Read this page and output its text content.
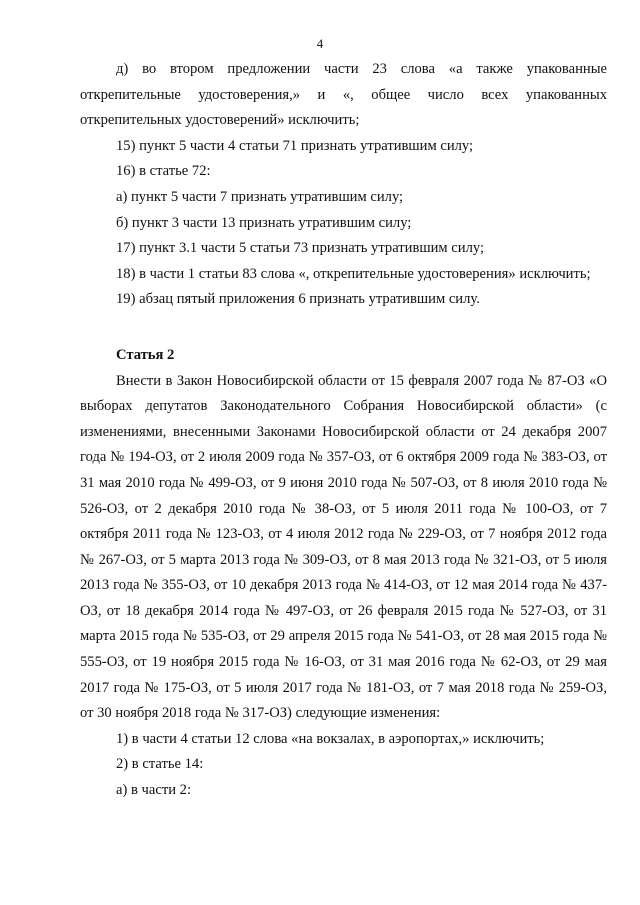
4

д) во втором предложении части 23 слова «а также упакованные открепительные удостоверения,» и «, общее число всех упакованных открепительных удостоверений» исключить;

15) пункт 5 части 4 статьи 71 признать утратившим силу;

16) в статье 72:

а) пункт 5 части 7 признать утратившим силу;

б) пункт 3 части 13 признать утратившим силу;

17) пункт 3.1 части 5 статьи 73 признать утратившим силу;

18) в части 1 статьи 83 слова «, открепительные удостоверения» исключить;

19) абзац пятый приложения 6 признать утратившим силу.

Статья 2

Внести в Закон Новосибирской области от 15 февраля 2007 года № 87-ОЗ «О выборах депутатов Законодательного Собрания Новосибирской области» (с изменениями, внесенными Законами Новосибирской области от 24 декабря 2007 года № 194-ОЗ, от 2 июля 2009 года № 357-ОЗ, от 6 октября 2009 года № 383-ОЗ, от 31 мая 2010 года № 499-ОЗ, от 9 июня 2010 года № 507-ОЗ, от 8 июля 2010 года № 526-ОЗ, от 2 декабря 2010 года № 38-ОЗ, от 5 июля 2011 года № 100-ОЗ, от 7 октября 2011 года № 123-ОЗ, от 4 июля 2012 года № 229-ОЗ, от 7 ноября 2012 года № 267-ОЗ, от 5 марта 2013 года № 309-ОЗ, от 8 мая 2013 года № 321-ОЗ, от 5 июля 2013 года № 355-ОЗ, от 10 декабря 2013 года № 414-ОЗ, от 12 мая 2014 года № 437-ОЗ, от 18 декабря 2014 года № 497-ОЗ, от 26 февраля 2015 года № 527-ОЗ, от 31 марта 2015 года № 535-ОЗ, от 29 апреля 2015 года № 541-ОЗ, от 28 мая 2015 года № 555-ОЗ, от 19 ноября 2015 года № 16-ОЗ, от 31 мая 2016 года № 62-ОЗ, от 29 мая 2017 года № 175-ОЗ, от 5 июля 2017 года № 181-ОЗ, от 7 мая 2018 года № 259-ОЗ, от 30 ноября 2018 года № 317-ОЗ) следующие изменения:

1) в части 4 статьи 12 слова «на вокзалах, в аэропортах,» исключить;

2) в статье 14:

а) в части 2:
